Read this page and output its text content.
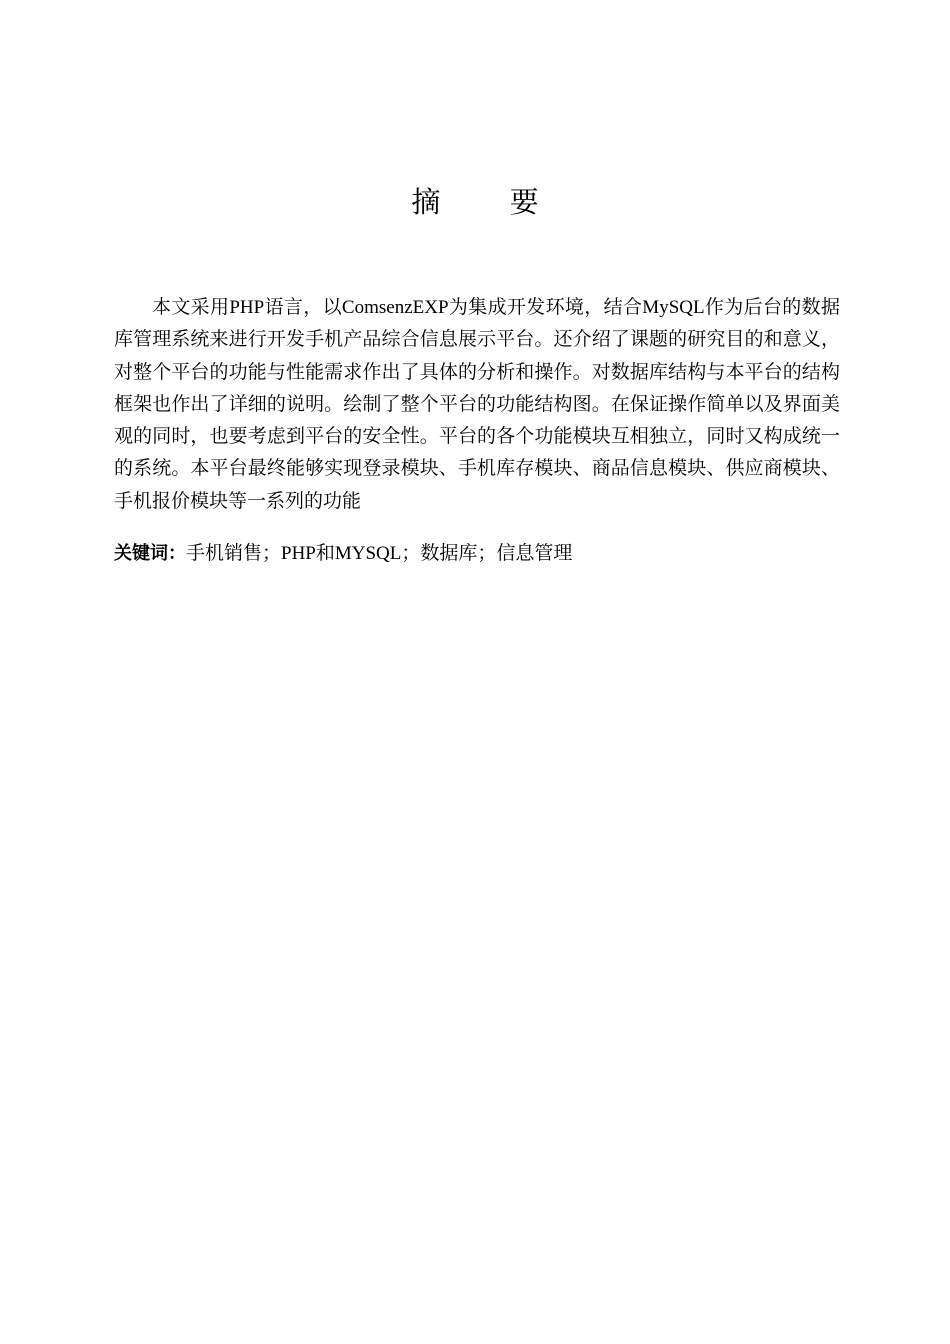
摘 要

本文采用PHP语言，以ComsenzEXP为集成开发环境，结合MySQL作为后台的数据库管理系统来进行开发手机产品综合信息展示平台。还介绍了课题的研究目的和意义，对整个平台的功能与性能需求作出了具体的分析和操作。对数据库结构与本平台的结构框架也作出了详细的说明。绘制了整个平台的功能结构图。在保证操作简单以及界面美观的同时，也要考虑到平台的安全性。平台的各个功能模块互相独立，同时又构成统一的系统。本平台最终能够实现登录模块、手机库存模块、商品信息模块、供应商模块、手机报价模块等一系列的功能

关键词：手机销售；PHP和MYSQL；数据库；信息管理
